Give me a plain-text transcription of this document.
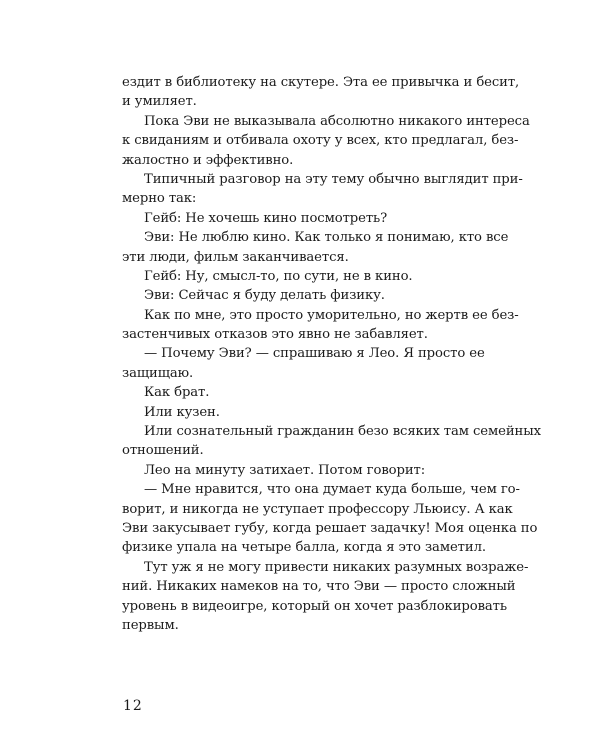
ездит в библиотеку на скутере. Эта ее привычка и бесит,
и умиляет.
Пока Эви не выказывала абсолютно никакого интереса
к свиданиям и отбивала охоту у всех, кто предлагал, без-
жалостно и эффективно.
Типичный разговор на эту тему обычно выглядит при-
мерно так:
Гейб: Не хочешь кино посмотреть?
Эви: Не люблю кино. Как только я понимаю, кто все
эти люди, фильм заканчивается.
Гейб: Ну, смысл-то, по сути, не в кино.
Эви: Сейчас я буду делать физику.
Как по мне, это просто уморительно, но жертв ее без-
застенчивых отказов это явно не забавляет.
— Почему Эви? — спрашиваю я Лео. Я просто ее
защищаю.
Как брат.
Или кузен.
Или сознательный гражданин безо всяких там семейных
отношений.
Лео на минуту затихает. Потом говорит:
— Мне нравится, что она думает куда больше, чем го-
ворит, и никогда не уступает профессору Льюису. А как
Эви закусывает губу, когда решает задачку! Моя оценка по
физике упала на четыре балла, когда я это заметил.
Тут уж я не могу привести никаких разумных возраже-
ний. Никаких намеков на то, что Эви — просто сложный
уровень в видеоигре, который он хочет разблокировать
первым.
12
